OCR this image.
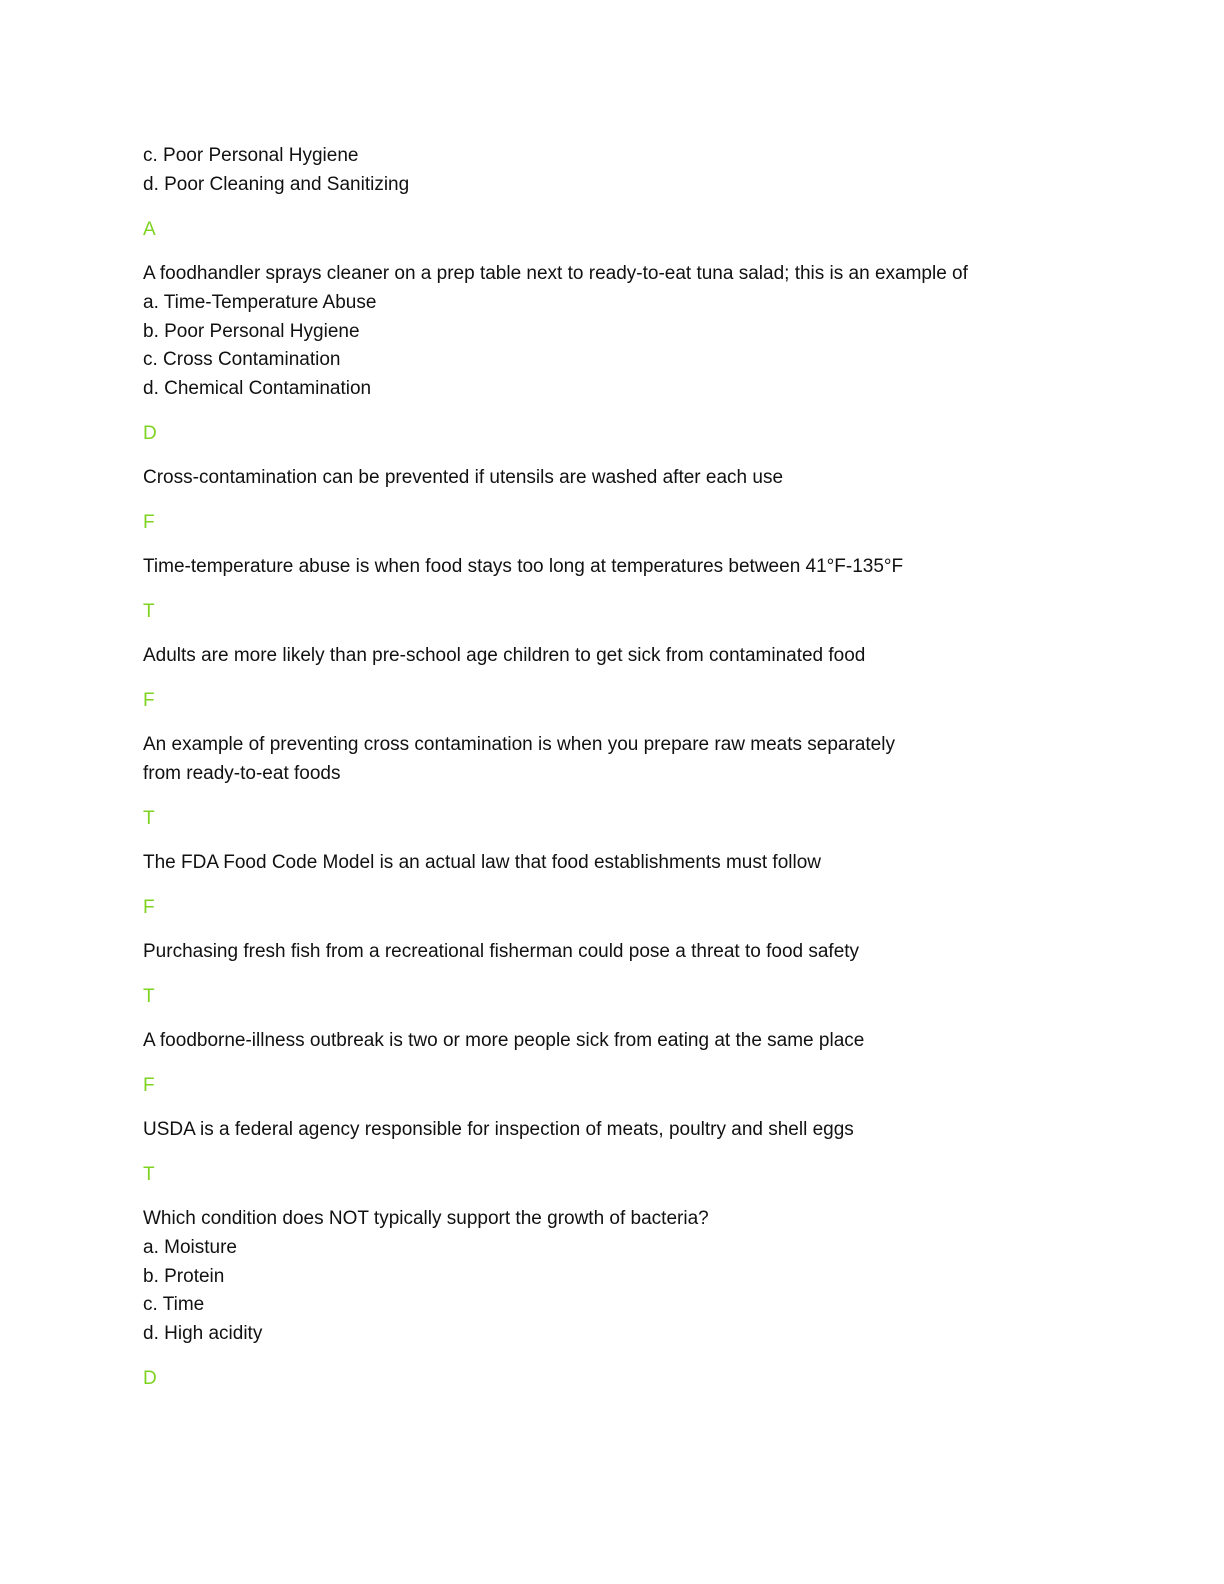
c. Poor Personal Hygiene
d. Poor Cleaning and Sanitizing
A
A foodhandler sprays cleaner on a prep table next to ready-to-eat tuna salad; this is an example of
a. Time-Temperature Abuse
b. Poor Personal Hygiene
c. Cross Contamination
d. Chemical Contamination
D
Cross-contamination can be prevented if utensils are washed after each use
F
Time-temperature abuse is when food stays too long at temperatures between 41°F-135°F
T
Adults are more likely than pre-school age children to get sick from contaminated food
F
An example of preventing cross contamination is when you prepare raw meats separately
from ready-to-eat foods
T
The FDA Food Code Model is an actual law that food establishments must follow
F
Purchasing fresh fish from a recreational fisherman could pose a threat to food safety
T
A foodborne-illness outbreak is two or more people sick from eating at the same place
F
USDA is a federal agency responsible for inspection of meats, poultry and shell eggs
T
Which condition does NOT typically support the growth of bacteria?
a. Moisture
b. Protein
c. Time
d. High acidity
D
